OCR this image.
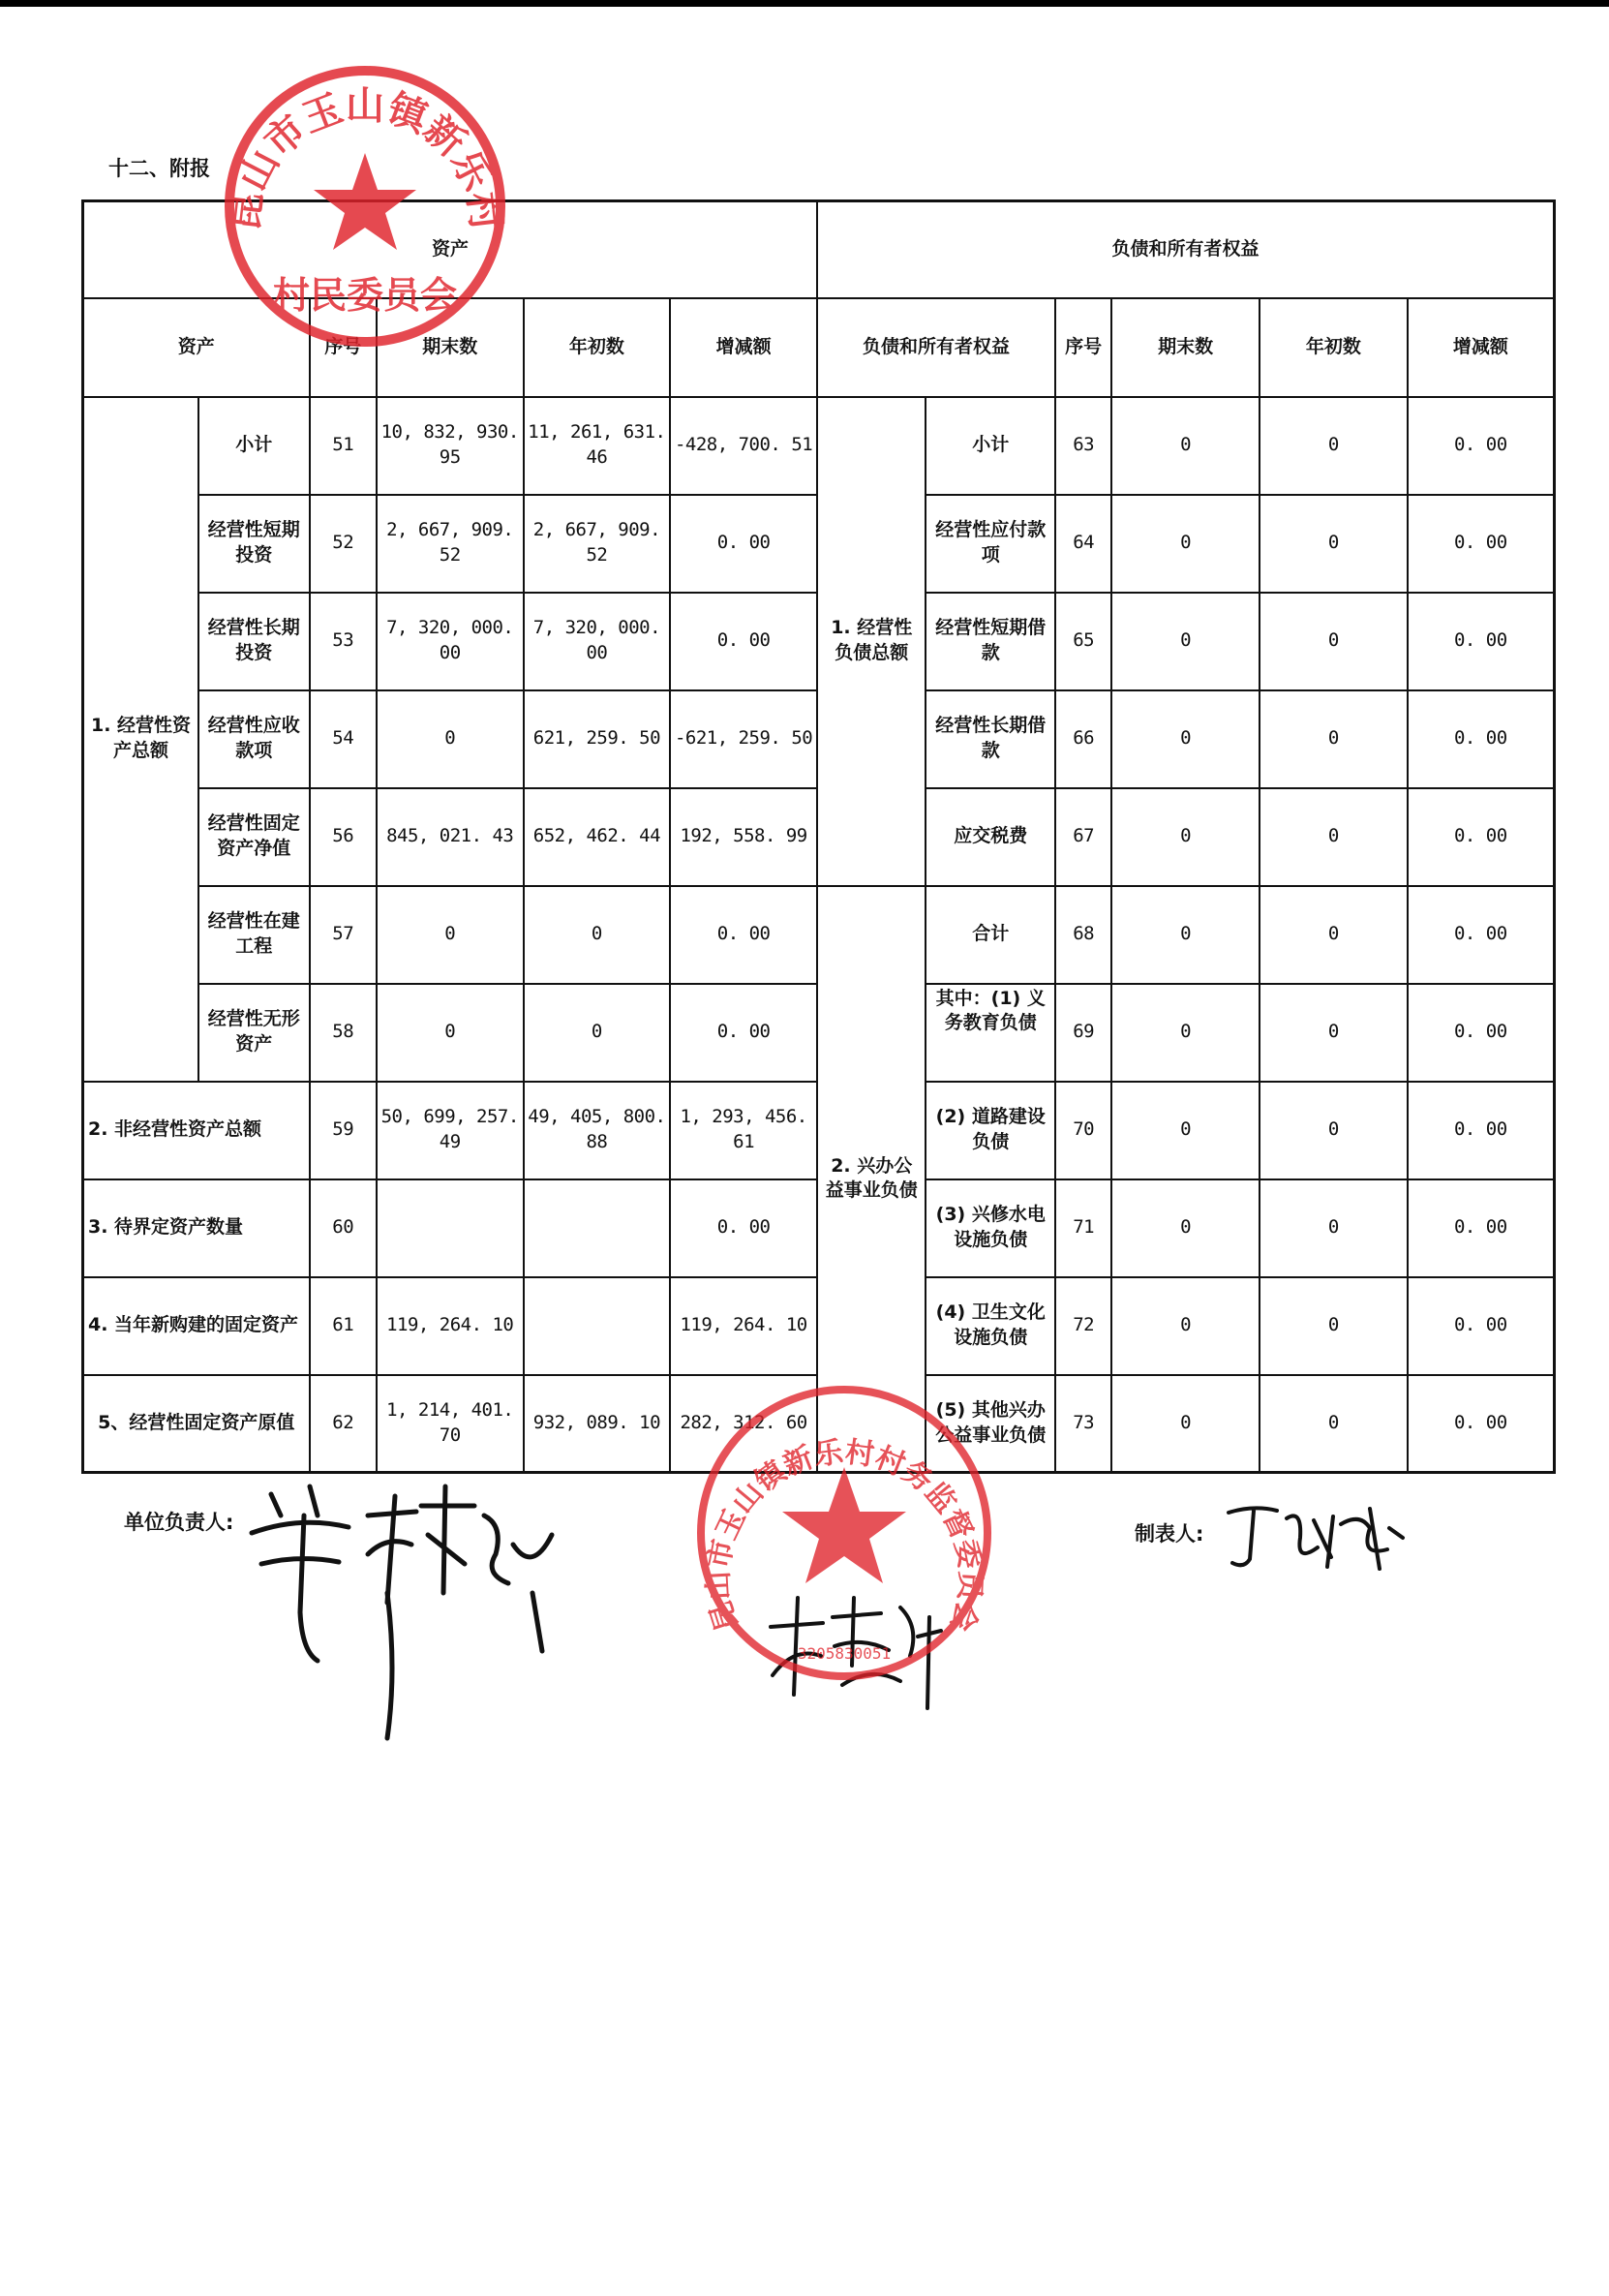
十二、附报
资产						负债和所有者权益					
资产		序号	期末数	年初数	增减额	负债和所有者权益		序号	期末数	年初数	增减额
1. 经营性资产总额	小计	51	10, 832, 930. 95	11, 261, 631. 46	-428, 700. 51	1. 经营性负债总额	小计	63	0	0	0. 00
	经营性短期投资	52	2, 667, 909. 52	2, 667, 909. 52	0. 00		经营性应付款项	64	0	0	0. 00
	经营性长期投资	53	7, 320, 000. 00	7, 320, 000. 00	0. 00		经营性短期借款	65	0	0	0. 00
	经营性应收款项	54	0	621, 259. 50	-621, 259. 50		经营性长期借款	66	0	0	0. 00
	经营性固定资产净值	56	845, 021. 43	652, 462. 44	192, 558. 99		应交税费	67	0	0	0. 00
	经营性在建工程	57	0	0	0. 00	2. 兴办公益事业负债	合计	68	0	0	0. 00
	经营性无形资产	58	0	0	0. 00		其中：(1) 义务教育负债	69	0	0	0. 00
2. 非经营性资产总额		59	50, 699, 257. 49	49, 405, 800. 88	1, 293, 456. 61		(2) 道路建设负债	70	0	0	0. 00
3. 待界定资产数量		60			0. 00		(3) 兴修水电设施负债	71	0	0	0. 00
4. 当年新购建的固定资产		61	119, 264. 10		119, 264. 10		(4) 卫生文化设施负债	72	0	0	0. 00
5、经营性固定资产原值		62	1, 214, 401. 70	932, 089. 10	282, 312. 60		(5) 其他兴办公益事业负债	73	0	0	0. 00
单位负责人:	制表人:
昆山市玉山镇新乐村
村民委员会
昆山市玉山镇新乐村村务监督委员会
3205830051
